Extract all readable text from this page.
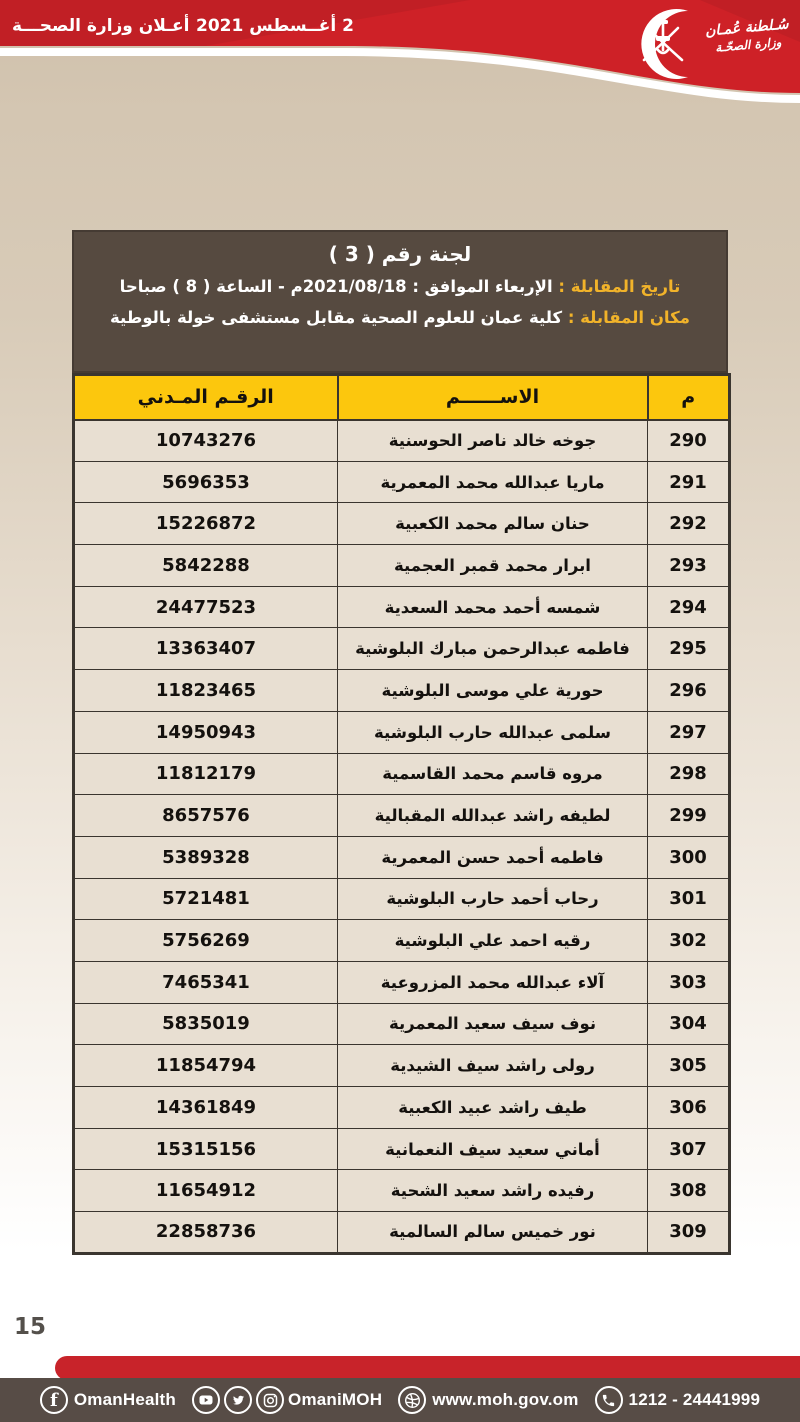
أعـلان وزارة الصحـــة 2 أغــسطس 2021	سُـلطنة عُمـان
وزارة الصحّـة
لجنة رقم ( 3 )
تاريخ المقابلة : الإربعاء الموافق : 2021/08/18م - الساعة ( 8 ) صباحا
مكان المقابلة : كلية عمان للعلوم الصحية مقابل مستشفى خولة بالوطية
م	الاســــــم	الرقـم المـدني
290	جوخه خالد ناصر الحوسنية	10743276
291	ماريا عبدالله محمد المعمرية	5696353
292	حنان سالم محمد الكعبية	15226872
293	ابرار محمد قمبر العجمية	5842288
294	شمسه أحمد محمد السعدية	24477523
295	فاطمه عبدالرحمن مبارك البلوشية	13363407
296	حورية علي موسى البلوشية	11823465
297	سلمى عبدالله حارب البلوشية	14950943
298	مروه قاسم محمد القاسمية	11812179
299	لطيفه راشد عبدالله المقبالية	8657576
300	فاطمه أحمد حسن المعمرية	5389328
301	رحاب أحمد حارب البلوشية	5721481
302	رقيه احمد علي البلوشية	5756269
303	آلاء عبدالله محمد المزروعية	7465341
304	نوف سيف سعيد المعمرية	5835019
305	رولى راشد سيف الشيدية	11854794
306	طيف راشد عبيد الكعبية	14361849
307	أماني سعيد سيف النعمانية	15315156
308	رفيده راشد سعيد الشحية	11654912
309	نور خميس سالم السالمية	22858736
15
f OmanHealth	OmaniMOH	www.moh.gov.om	1212 - 24441999
